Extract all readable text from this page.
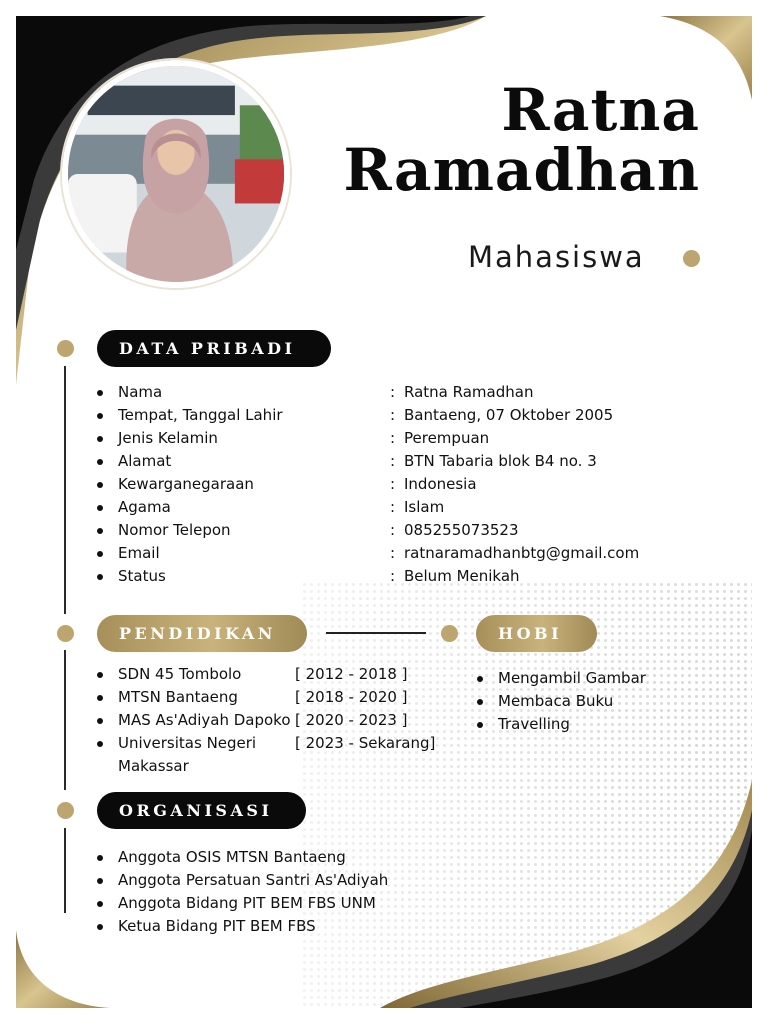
Ratna
Ramadhan
Mahasiswa
DATA PRIBADI
PENDIDIKAN	HOBI
ORGANISASI
Nama	: Ratna Ramadhan
Tempat, Tanggal Lahir	: Bantaeng, 07 Oktober 2005
Jenis Kelamin	: Perempuan
Alamat	: BTN Tabaria blok B4 no. 3
Kewarganegaraan	: Indonesia
Agama	: Islam
Nomor Telepon	: 085255073523
Email	: ratnaramadhanbtg@gmail.com
Status	: Belum Menikah
SDN 45 Tombolo	[ 2012 - 2018 ]
MTSN Bantaeng	[ 2018 - 2020 ]
MAS As'Adiyah Dapoko [ 2020 - 2023 ]
Universitas Negeri	[ 2023 - Sekarang]
Makassar
Mengambil Gambar
Membaca Buku
Travelling
Anggota OSIS MTSN Bantaeng
Anggota Persatuan Santri As'Adiyah
Anggota Bidang PIT BEM FBS UNM
Ketua Bidang PIT BEM FBS
